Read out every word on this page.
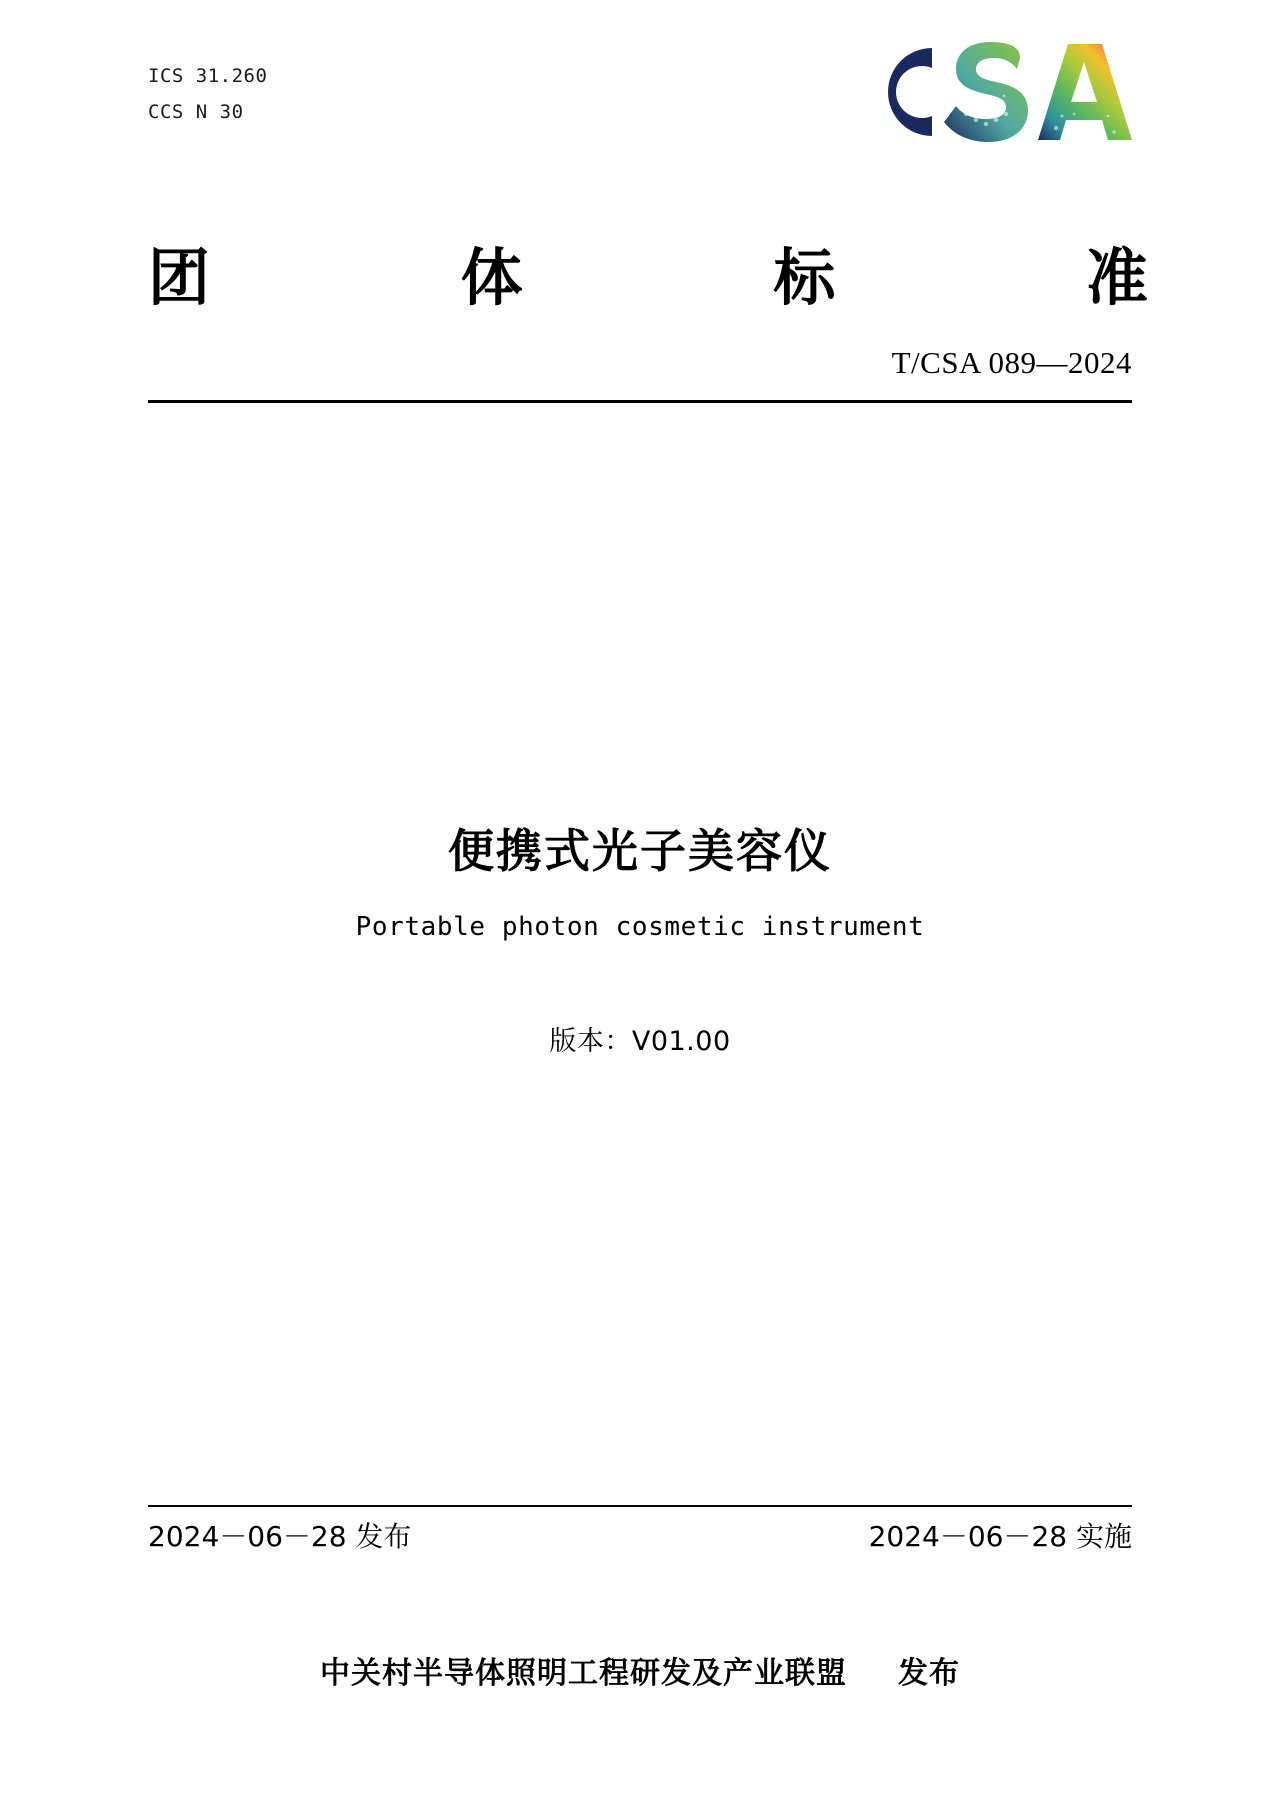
ICS 31.260
CCS N 30
团	体	标	准
T/CSA 089—2024
便携式光子美容仪
Portable photon cosmetic instrument
版本：V01.00
2024－06－28 发布	2024－06－28 实施
中关村半导体照明工程研发及产业联盟 发布
